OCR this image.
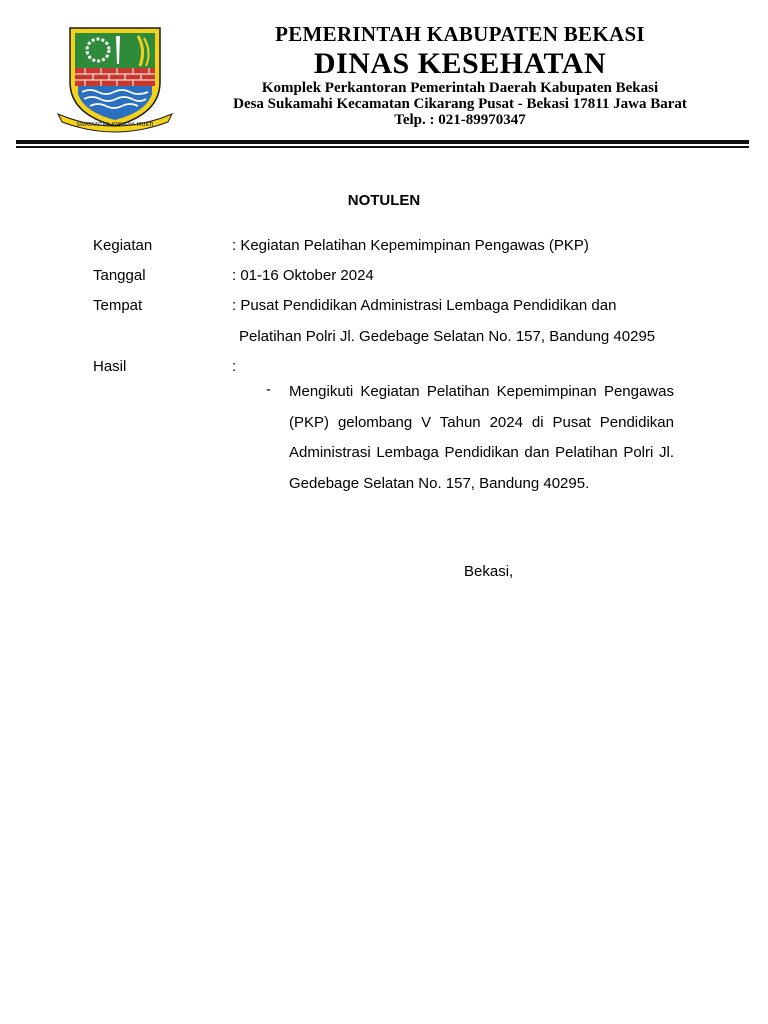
SWATANTRA WIBAWA MUKTI
PEMERINTAH KABUPATEN BEKASI
DINAS KESEHATAN
Komplek Perkantoran Pemerintah Daerah Kabupaten Bekasi
Desa Sukamahi Kecamatan Cikarang Pusat - Bekasi 17811 Jawa Barat
Telp. : 021-89970347
NOTULEN
Kegiatan	: Kegiatan Pelatihan Kepemimpinan Pengawas (PKP)
Tanggal	: 01-16 Oktober 2024
Tempat	: Pusat Pendidikan Administrasi Lembaga Pendidikan dan
Pelatihan Polri Jl. Gedebage Selatan No. 157, Bandung 40295
Hasil	:
- Mengikuti Kegiatan Pelatihan Kepemimpinan Pengawas (PKP) gelombang V Tahun 2024 di Pusat Pendidikan Administrasi Lembaga Pendidikan dan Pelatihan Polri Jl. Gedebage Selatan No. 157, Bandung 40295.
Bekasi,
